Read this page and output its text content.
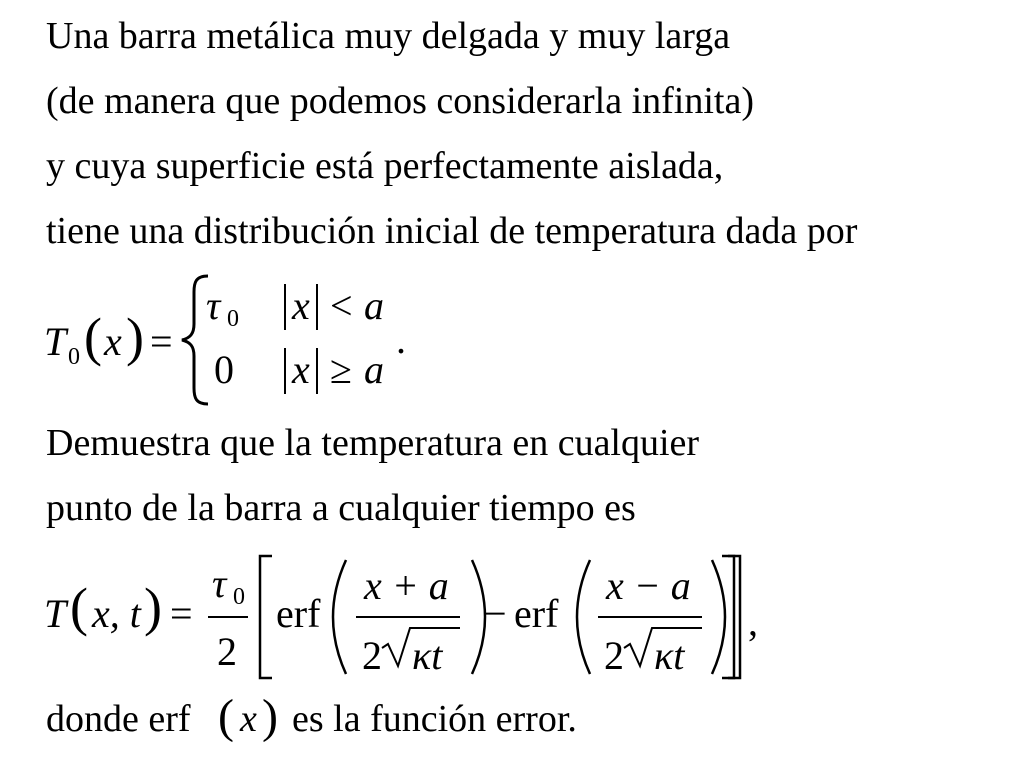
Una barra metálica muy delgada y muy larga
(de manera que podemos considerarla infinita)
y cuya superficie está perfectamente aislada,
tiene una distribución inicial de temperatura dada por
T 0 ( x ) =
τ 0 x < a
0 x ≥ a
.
Demuestra que la temperatura en cualquier
punto de la barra a cualquier tiempo es
T ( x, t ) =
τ 0
2
erf
x + a
2 κt
− erf
x − a
2 κt
,
donde erf ( x ) es la función error.
